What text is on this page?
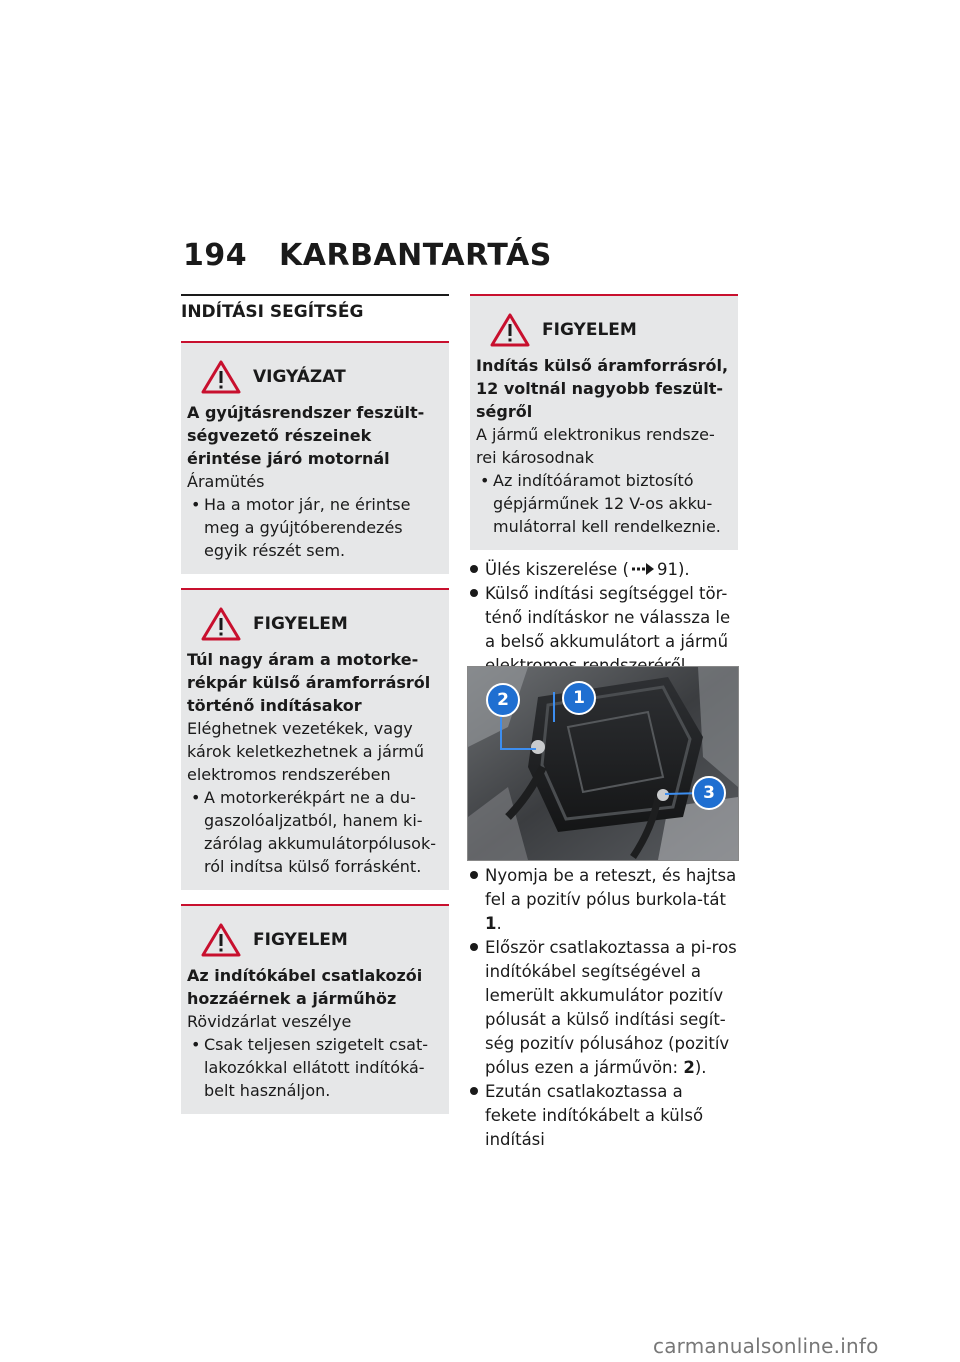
194 KARBANTARTÁS
INDÍTÁSI SEGÍTSÉG
VIGYÁZAT
A gyújtásrendszer feszült-ségvezető részeinek érintése járó motornál
Áramütés
• Ha a motor jár, ne érintse meg a gyújtóberendezés egyik részét sem.
FIGYELEM
Túl nagy áram a motorke-rékpár külső áramforrásról történő indításakor
Eléghetnek vezetékek, vagy károk keletkezhetnek a jármű elektromos rendszerében
• A motorkerékpárt ne a du-gaszolóaljzatból, hanem ki-zárólag akkumulátorpólusok-ról indítsa külső forrásként.
FIGYELEM
Az indítókábel csatlakozói hozzáérnek a járműhöz
Rövidzárlat veszélye
• Csak teljesen szigetelt csat-lakozókkal ellátott indítóká-belt használjon.
FIGYELEM
Indítás külső áramforrásról, 12 voltnál nagyobb feszült-ségről
A jármű elektronikus rendsze-rei károsodnak
• Az indítóáramot biztosító gépjárműnek 12 V-os akku-mulátorral kell rendelkeznie.
Ülés kiszerelése ( 91).
Külső indítási segítséggel tör-ténő indításkor ne válassza le a belső akkumulátort a jármű
2	1
3
Nyomja be a reteszt, és hajtsa fel a pozitív pólus burkola-tát 1.
Először csatlakoztassa a pi-ros indítókábel segítségével a lemerült akkumulátor pozitív pólusát a külső indítási segít-ség pozitív pólusához (pozitív pólus ezen a járművön: 2).
Ezután csatlakoztassa a fekete indítókábelt a külső indítási
carmanualsonline.info
